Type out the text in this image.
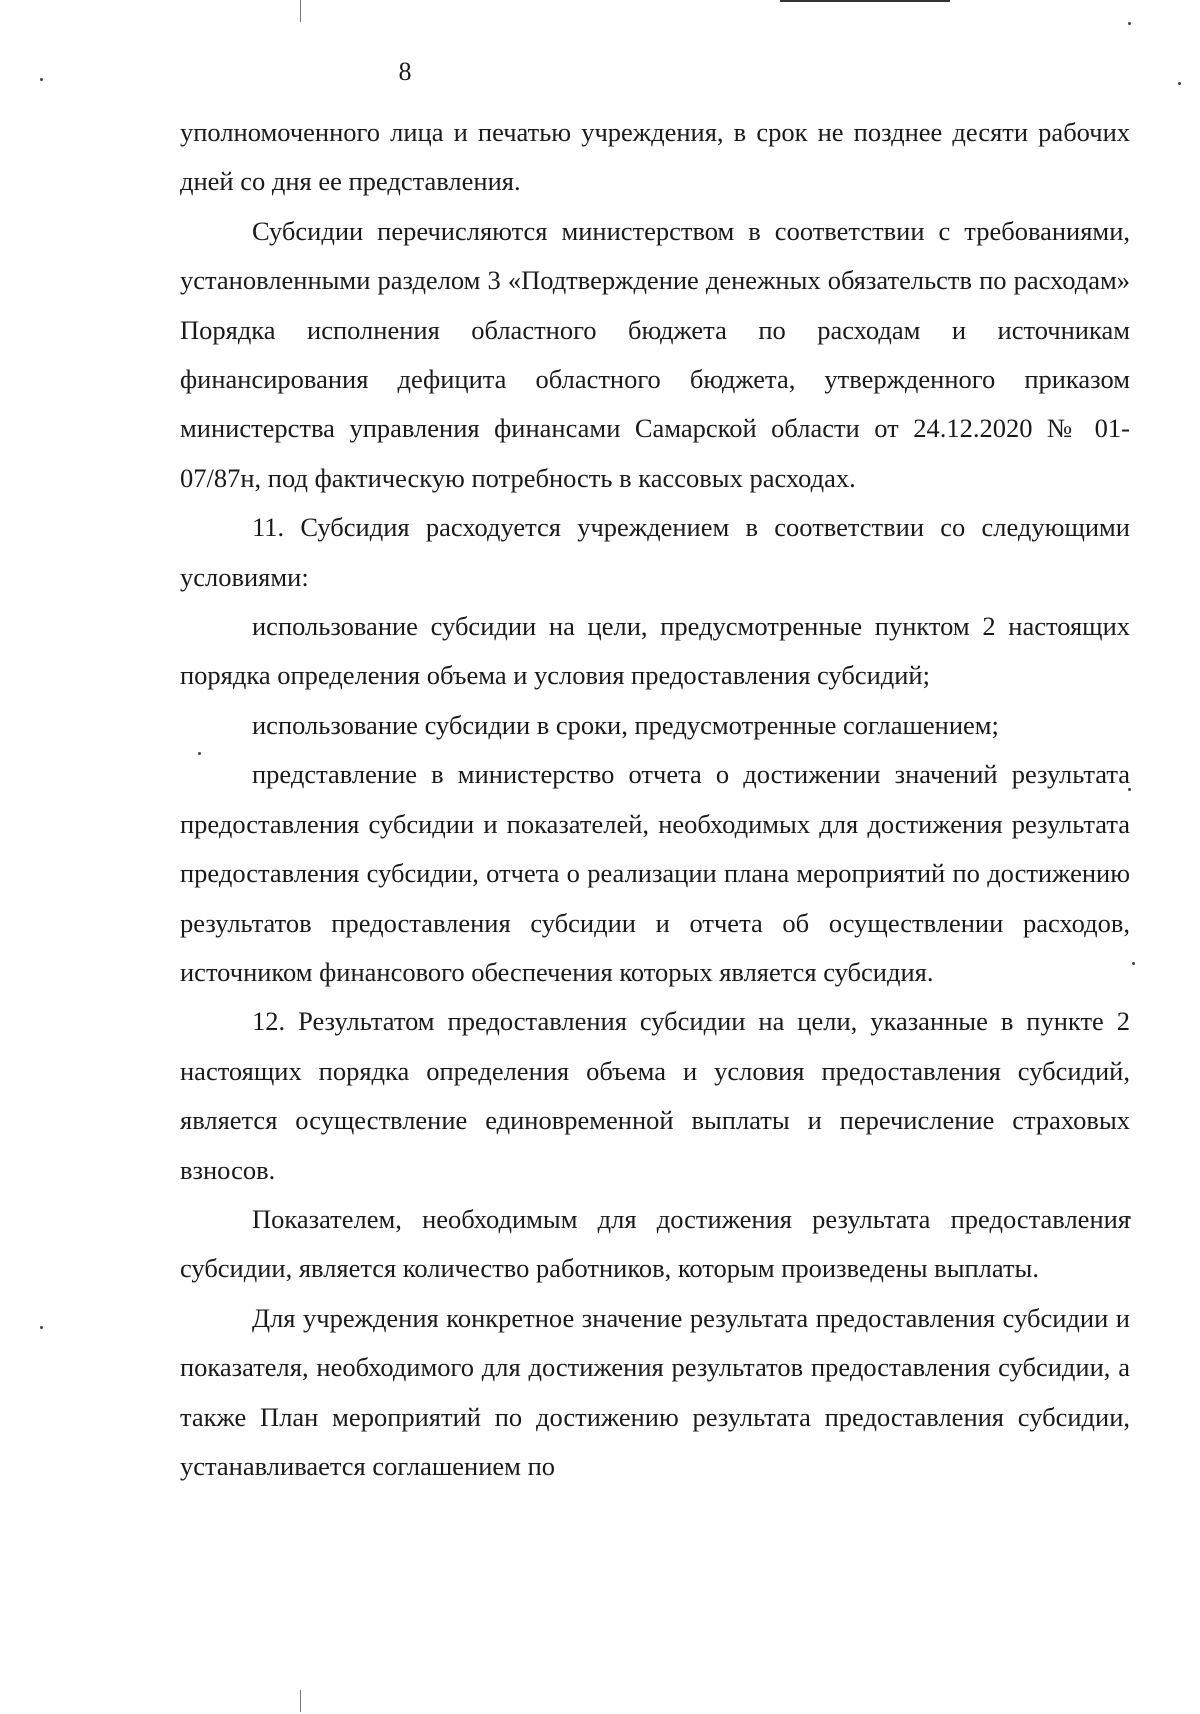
8

уполномоченного лица и печатью учреждения, в срок не позднее десяти рабочих дней со дня ее представления.

Субсидии перечисляются министерством в соответствии с требованиями, установленными разделом 3 «Подтверждение денежных обязательств по расходам» Порядка исполнения областного бюджета по расходам и источникам финансирования дефицита областного бюджета, утвержденного приказом министерства управления финансами Самарской области от 24.12.2020 № 01-07/87н, под фактическую потребность в кассовых расходах.

11. Субсидия расходуется учреждением в соответствии со следующими условиями:

использование субсидии на цели, предусмотренные пунктом 2 настоящих порядка определения объема и условия предоставления субсидий;

использование субсидии в сроки, предусмотренные соглашением;

представление в министерство отчета о достижении значений результата предоставления субсидии и показателей, необходимых для достижения результата предоставления субсидии, отчета о реализации плана мероприятий по достижению результатов предоставления субсидии и отчета об осуществлении расходов, источником финансового обеспечения которых является субсидия.

12. Результатом предоставления субсидии на цели, указанные в пункте 2 настоящих порядка определения объема и условия предоставления субсидий, является осуществление единовременной выплаты и перечисление страховых взносов.

Показателем, необходимым для достижения результата предоставления субсидии, является количество работников, которым произведены выплаты.

Для учреждения конкретное значение результата предоставления субсидии и показателя, необходимого для достижения результатов предоставления субсидии, а также План мероприятий по достижению результата предоставления субсидии, устанавливается соглашением по
